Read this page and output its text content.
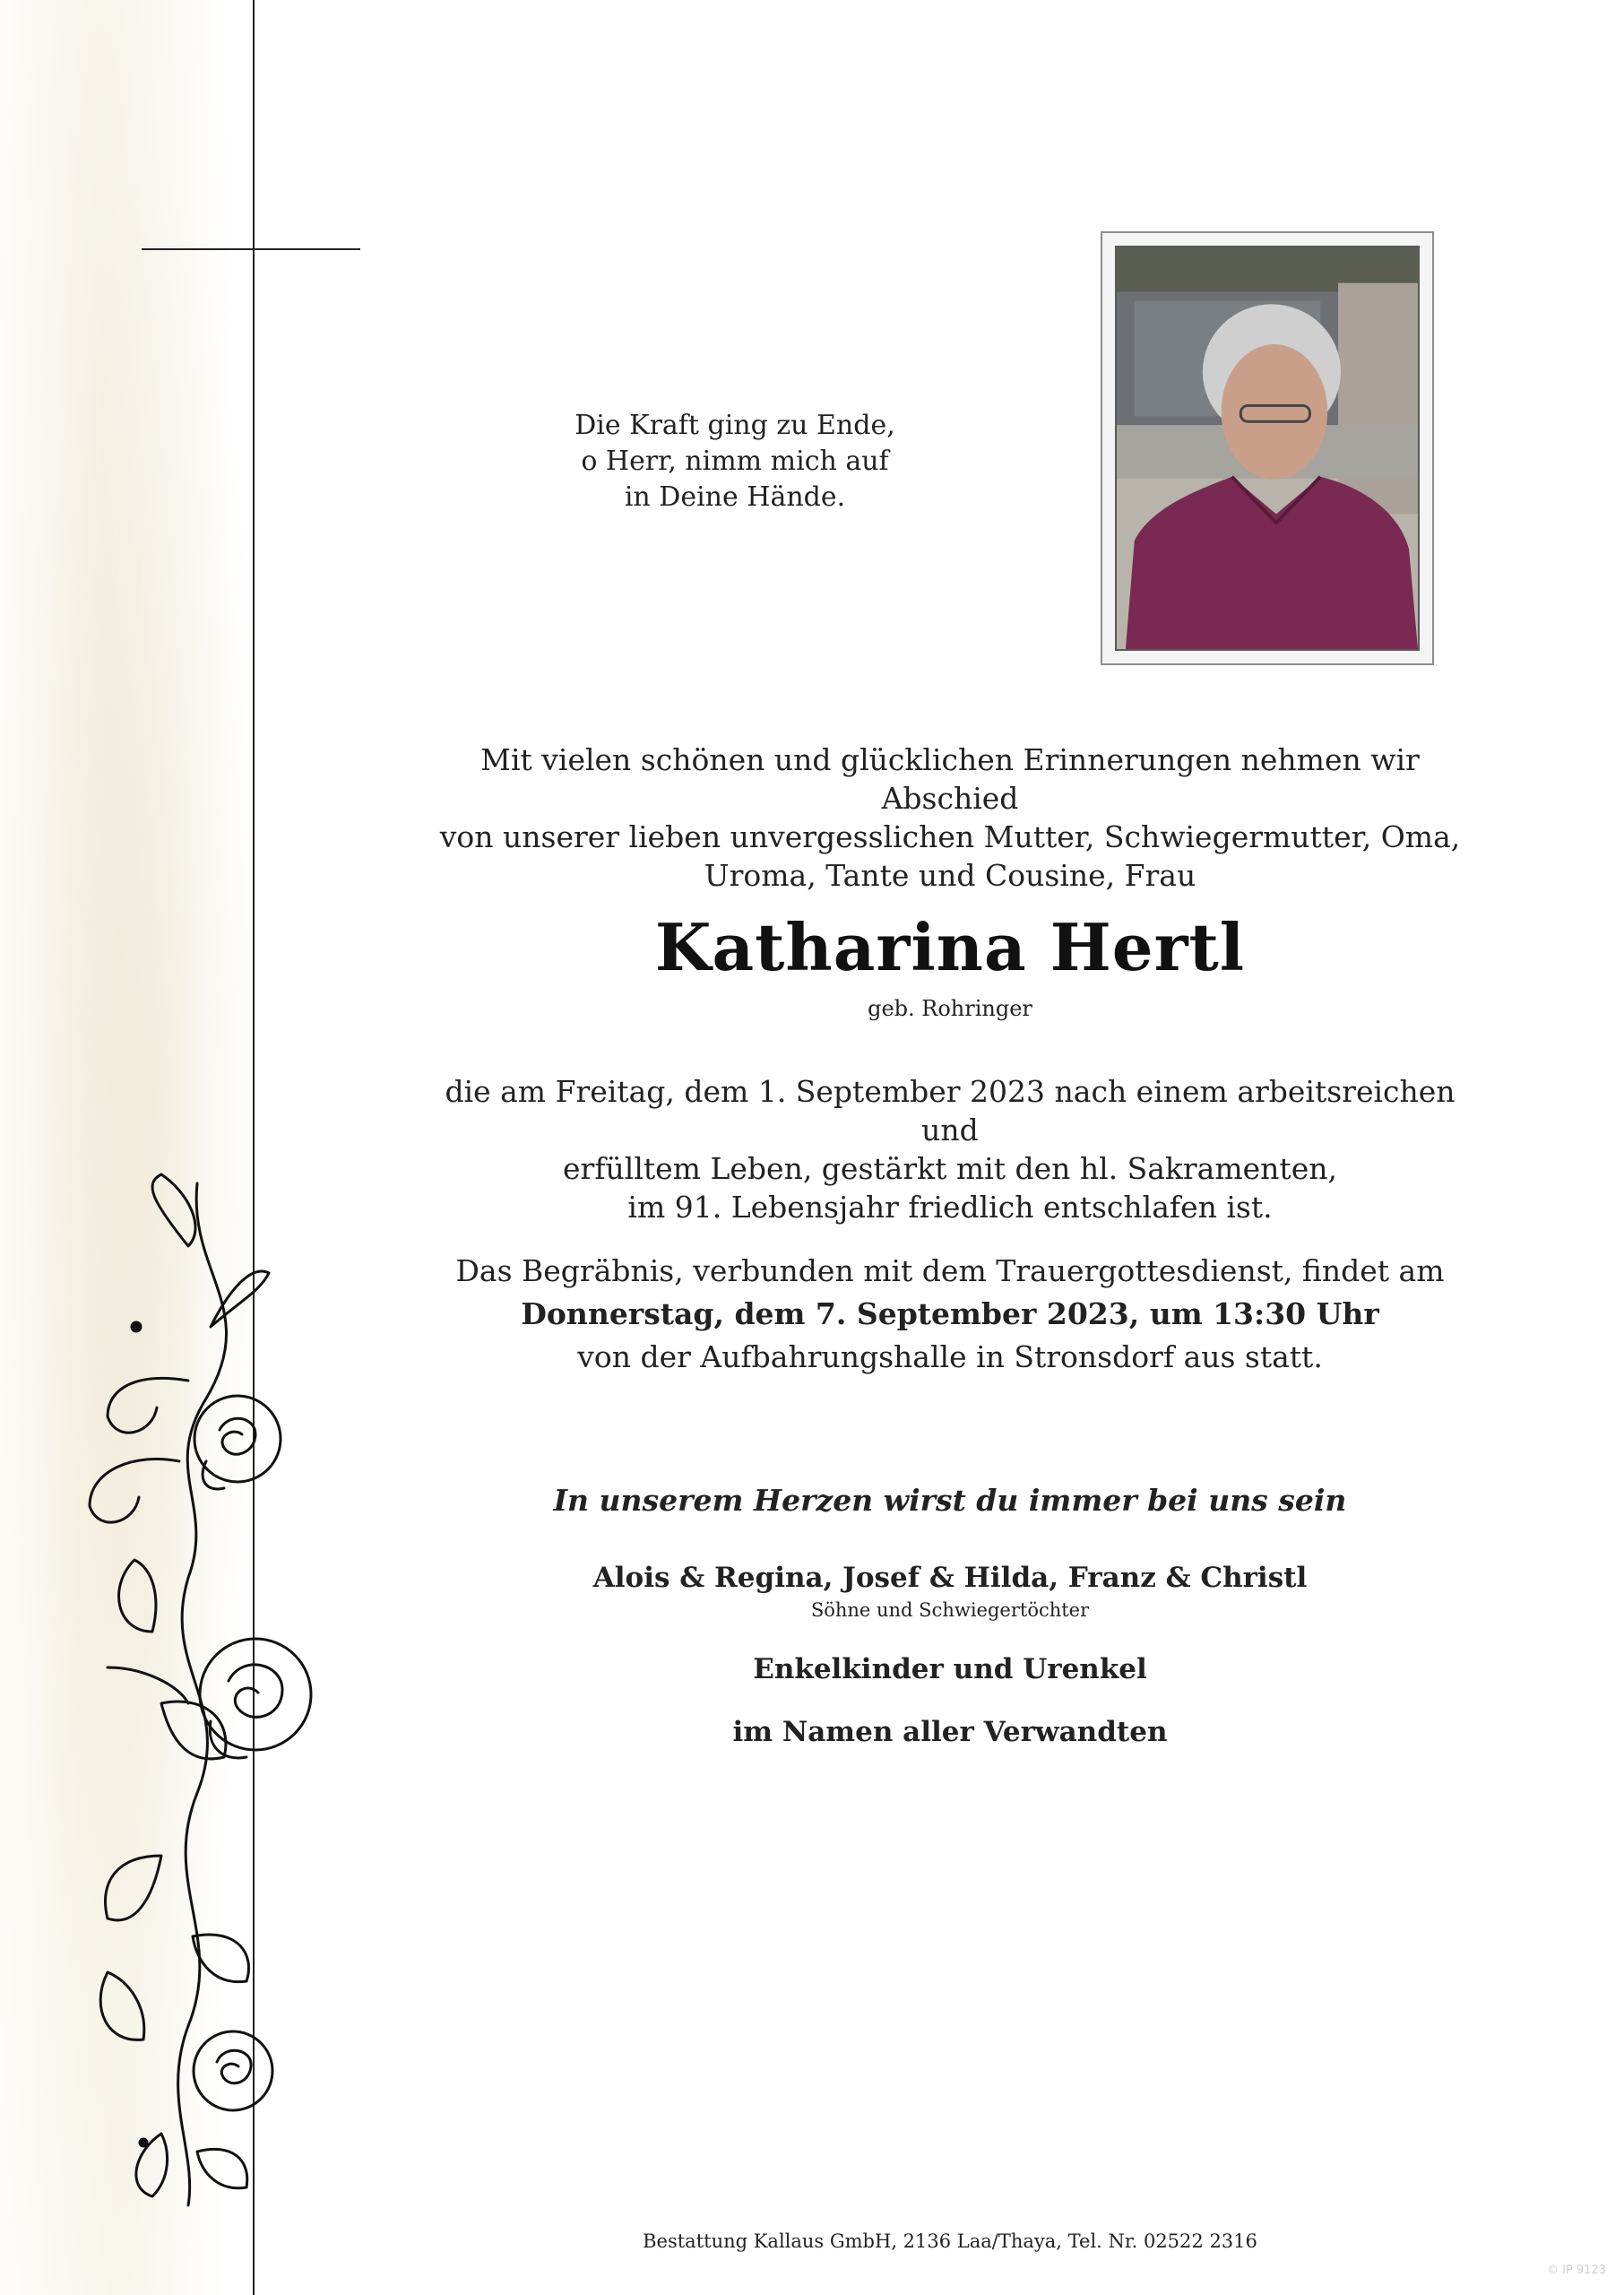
Die Kraft ging zu Ende,
o Herr, nimm mich auf
in Deine Hände.
Mit vielen schönen und glücklichen Erinnerungen nehmen wir Abschied
von unserer lieben unvergesslichen Mutter, Schwiegermutter, Oma,
Uroma, Tante und Cousine, Frau
Katharina Hertl
geb. Rohringer
die am Freitag, dem 1. September 2023 nach einem arbeitsreichen und
erfülltem Leben, gestärkt mit den hl. Sakramenten,
im 91. Lebensjahr friedlich entschlafen ist.
Das Begräbnis, verbunden mit dem Trauergottesdienst, findet am
Donnerstag, dem 7. September 2023, um 13:30 Uhr
von der Aufbahrungshalle in Stronsdorf aus statt.
In unserem Herzen wirst du immer bei uns sein
Alois & Regina, Josef & Hilda, Franz & Christl
Söhne und Schwiegertöchter
Enkelkinder und Urenkel
im Namen aller Verwandten
Bestattung Kallaus GmbH, 2136 Laa/Thaya, Tel. Nr. 02522 2316
© IP 9123
